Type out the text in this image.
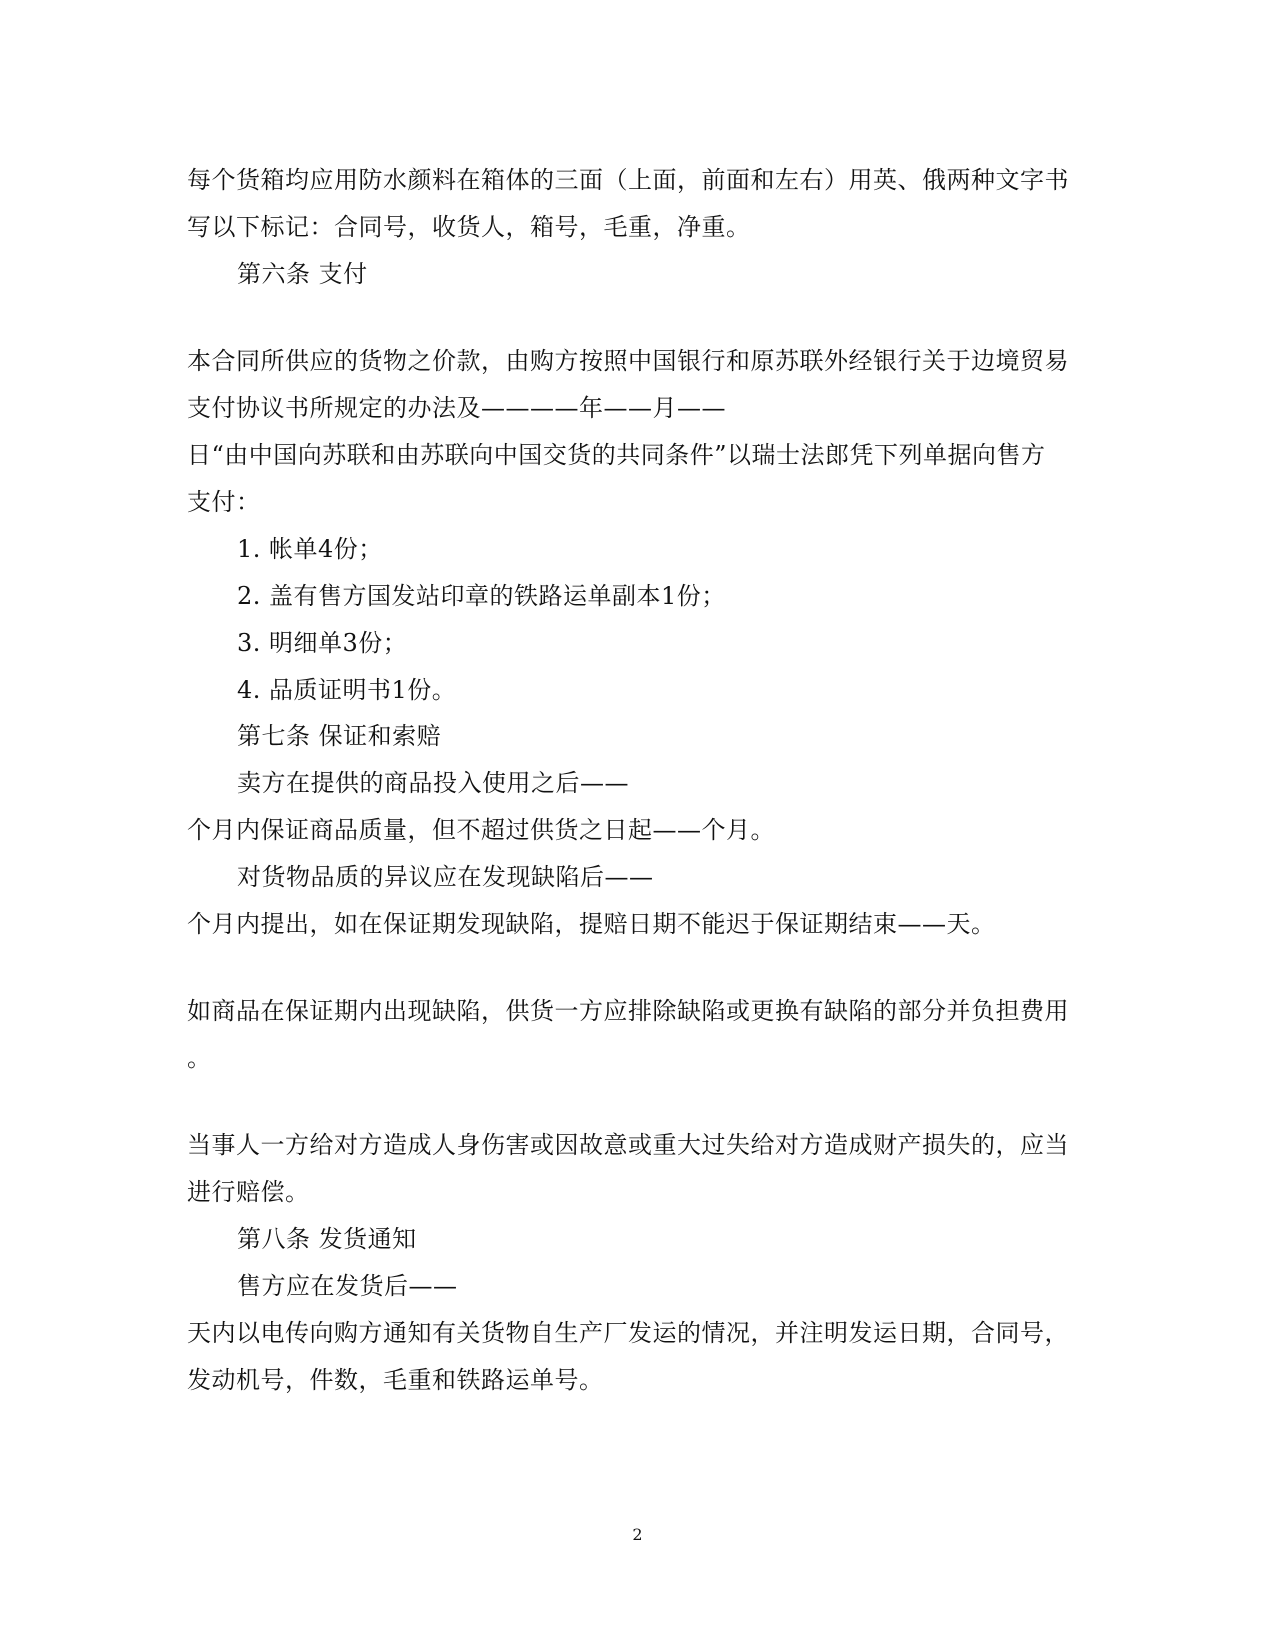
每个货箱均应用防水颜料在箱体的三面（上面，前面和左右）用英、俄两种文字书
写以下标记：合同号，收货人，箱号，毛重，净重。
第六条 支付
本合同所供应的货物之价款，由购方按照中国银行和原苏联外经银行关于边境贸易
支付协议书所规定的办法及————年——月——
日“由中国向苏联和由苏联向中国交货的共同条件”以瑞士法郎凭下列单据向售方
支付：
1. 帐单4份；
2. 盖有售方国发站印章的铁路运单副本1份；
3. 明细单3份；
4. 品质证明书1份。
第七条 保证和索赔
卖方在提供的商品投入使用之后——
个月内保证商品质量，但不超过供货之日起——个月。
对货物品质的异议应在发现缺陷后——
个月内提出，如在保证期发现缺陷，提赔日期不能迟于保证期结束——天。
如商品在保证期内出现缺陷，供货一方应排除缺陷或更换有缺陷的部分并负担费用
。
当事人一方给对方造成人身伤害或因故意或重大过失给对方造成财产损失的，应当
进行赔偿。
第八条 发货通知
售方应在发货后——
天内以电传向购方通知有关货物自生产厂发运的情况，并注明发运日期，合同号，
发动机号，件数，毛重和铁路运单号。
2
